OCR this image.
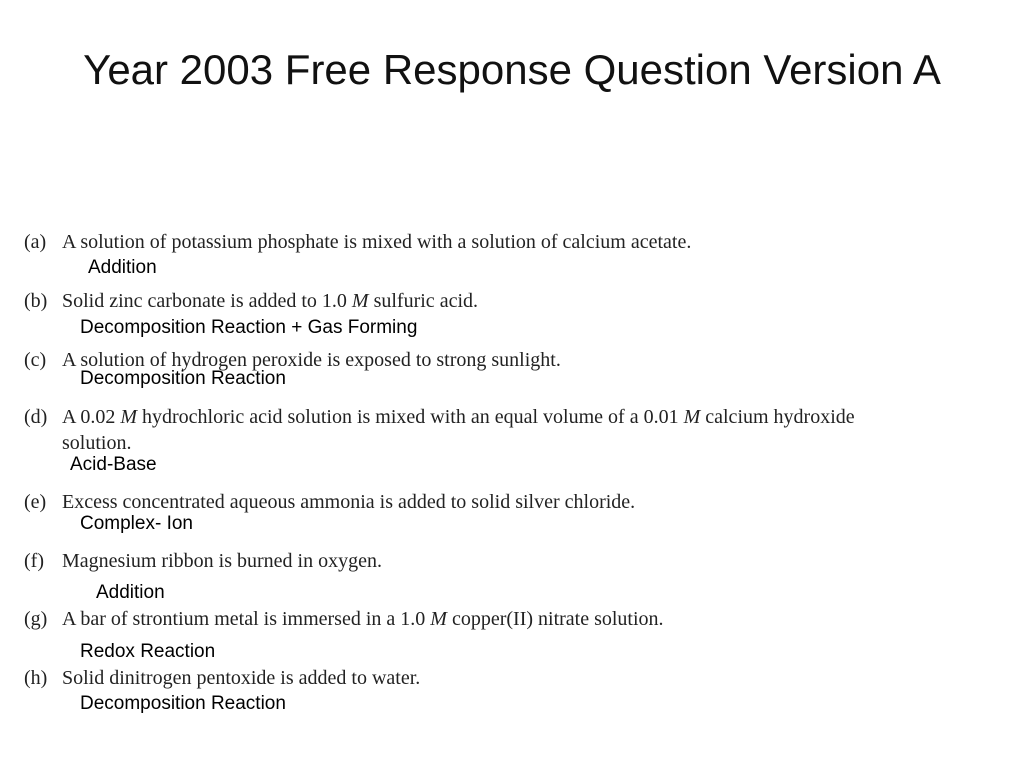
Year 2003 Free Response Question Version A
(a) A solution of potassium phosphate is mixed with a solution of calcium acetate.
Addition
(b) Solid zinc carbonate is added to 1.0 M sulfuric acid.
Decomposition Reaction + Gas Forming
(c) A solution of hydrogen peroxide is exposed to strong sunlight.
Decomposition Reaction
(d) A 0.02 M hydrochloric acid solution is mixed with an equal volume of a 0.01 M calcium hydroxide
solution.
Acid-Base
(e) Excess concentrated aqueous ammonia is added to solid silver chloride.
Complex- Ion
(f) Magnesium ribbon is burned in oxygen.
Addition
(g) A bar of strontium metal is immersed in a 1.0 M copper(II) nitrate solution.
Redox Reaction
(h) Solid dinitrogen pentoxide is added to water.
Decomposition Reaction
